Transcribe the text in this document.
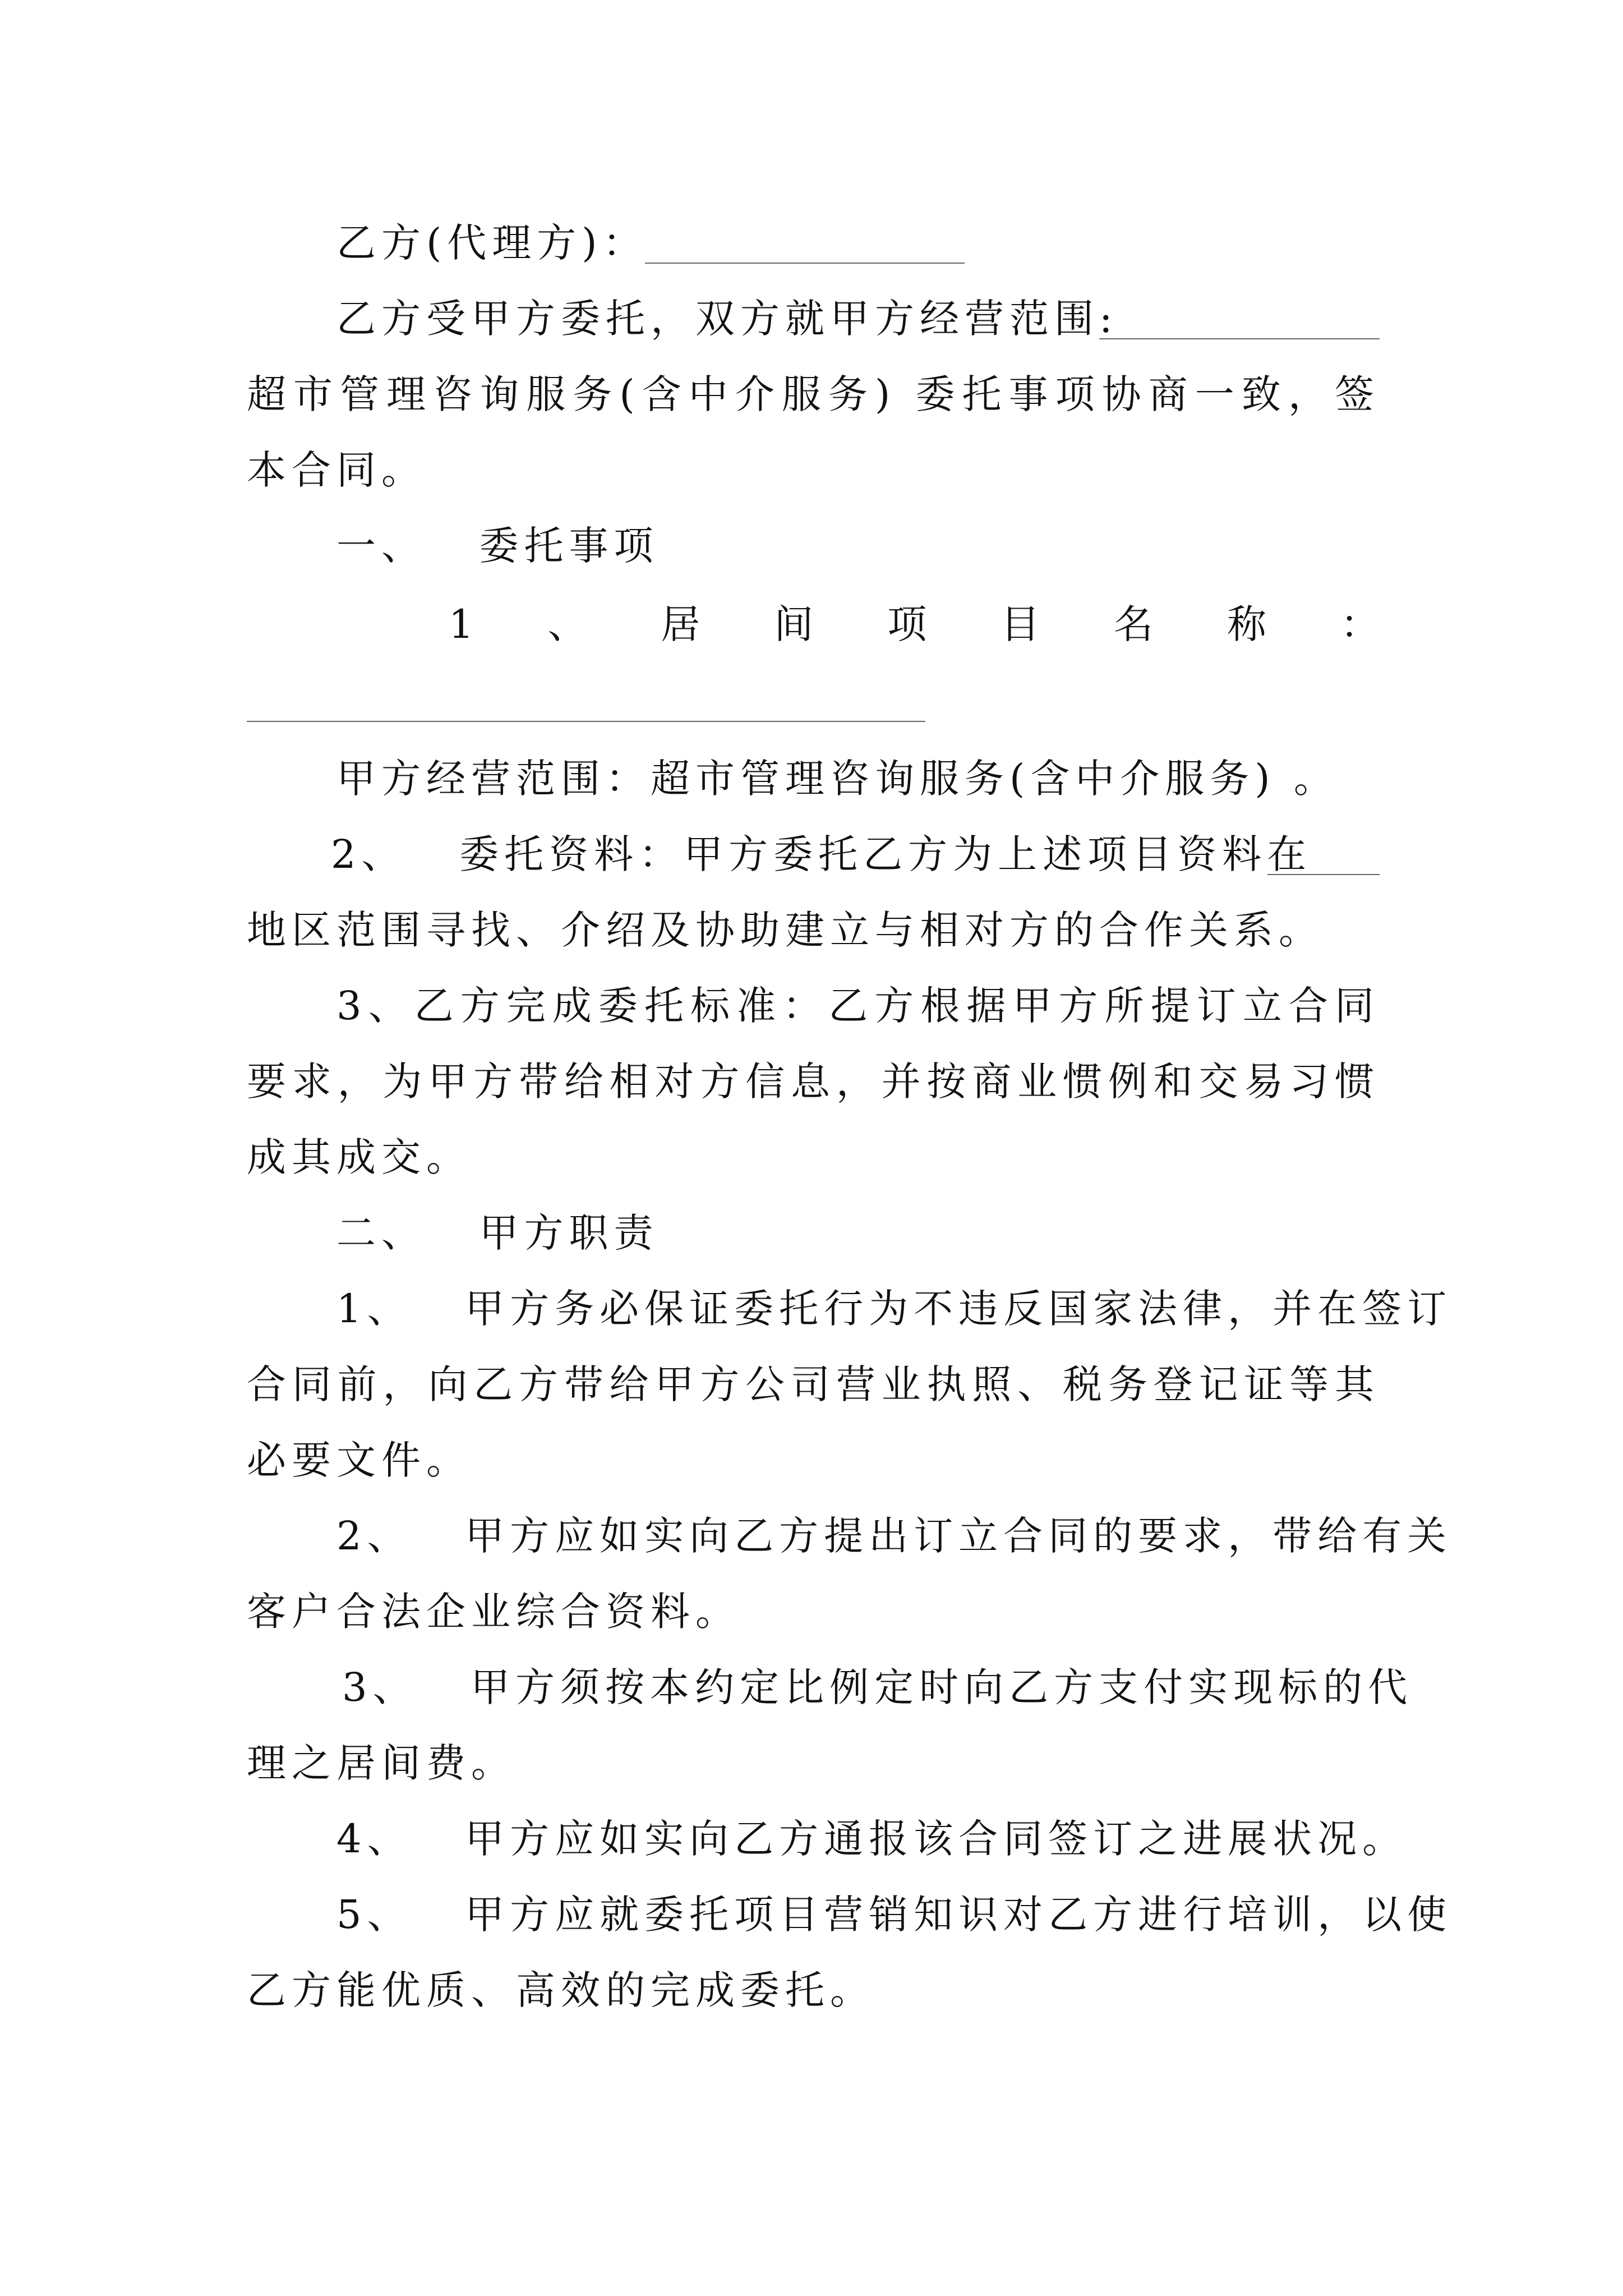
乙方(代理方)：
乙方受甲方委托，双方就甲方经营范围:
超市管理咨询服务(含中介服务) 委托事项协商一致，签
本合同。
一、 委托事项
1 、 居 间 项 目 名 称 ：
甲方经营范围：超市管理咨询服务(含中介服务) 。
2、 委托资料：甲方委托乙方为上述项目资料在
地区范围寻找、介绍及协助建立与相对方的合作关系。
3、乙方完成委托标准：乙方根据甲方所提订立合同
要求，为甲方带给相对方信息，并按商业惯例和交易习惯
成其成交。
二、 甲方职责
1、 甲方务必保证委托行为不违反国家法律，并在签订
合同前，向乙方带给甲方公司营业执照、税务登记证等其
必要文件。
2、 甲方应如实向乙方提出订立合同的要求，带给有关
客户合法企业综合资料。
3、 甲方须按本约定比例定时向乙方支付实现标的代
理之居间费。
4、 甲方应如实向乙方通报该合同签订之进展状况。
5、 甲方应就委托项目营销知识对乙方进行培训，以使
乙方能优质、高效的完成委托。
